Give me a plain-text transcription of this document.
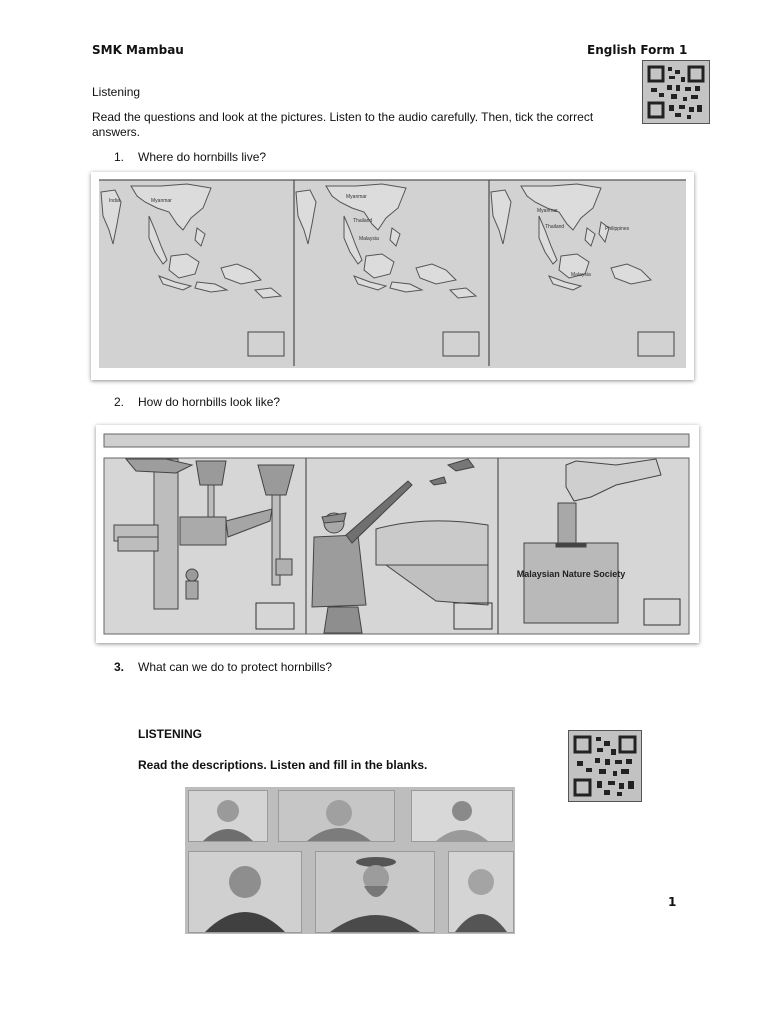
SMK Mambau	English Form 1
Listening
Read the questions and look at the pictures. Listen to the audio carefully. Then, tick the correct answers.
1. Where do hornbills live?
India	Myanmar
Myanmar
Thailand
Malaysia
Myanmar
Thailand	Philippines
Malaysia
2. How do hornbills look like?
Malaysian Nature Society
3. What can we do to protect hornbills?
LISTENING
Read the descriptions. Listen and fill in the blanks.
1
